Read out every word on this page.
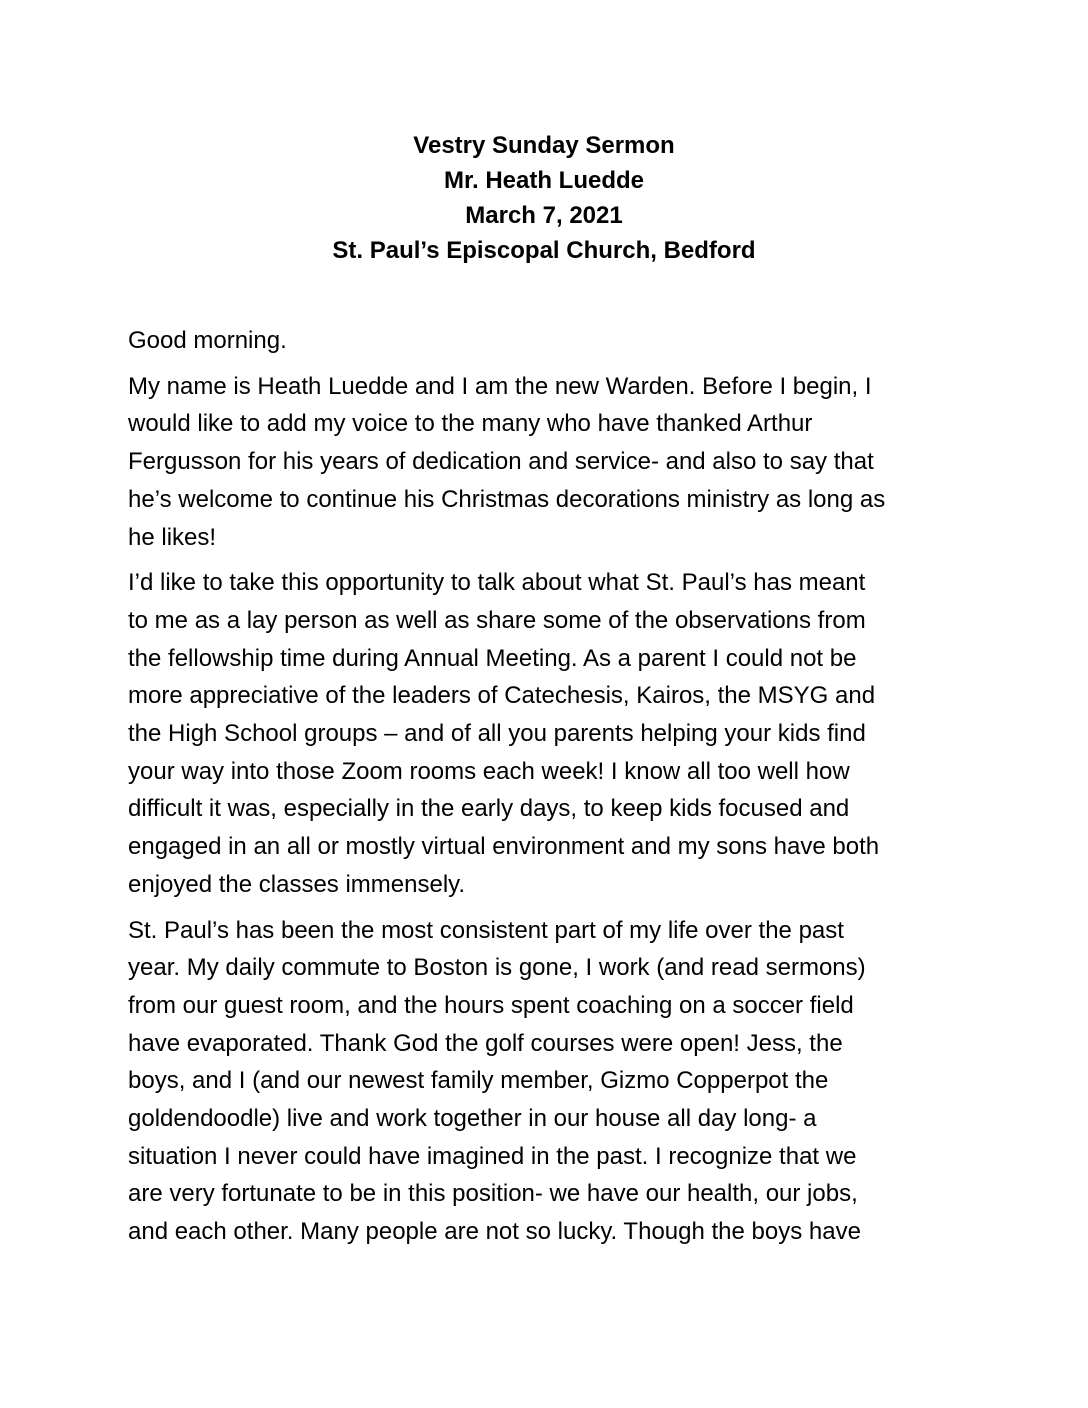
Vestry Sunday Sermon
Mr. Heath Luedde
March 7, 2021
St. Paul’s Episcopal Church, Bedford
Good morning.
My name is Heath Luedde and I am the new Warden. Before I begin, I
would like to add my voice to the many who have thanked Arthur
Fergusson for his years of dedication and service- and also to say that
he’s welcome to continue his Christmas decorations ministry as long as
he likes!
I’d like to take this opportunity to talk about what St. Paul’s has meant
to me as a lay person as well as share some of the observations from
the fellowship time during Annual Meeting. As a parent I could not be
more appreciative of the leaders of Catechesis, Kairos, the MSYG and
the High School groups – and of all you parents helping your kids find
your way into those Zoom rooms each week! I know all too well how
difficult it was, especially in the early days, to keep kids focused and
engaged in an all or mostly virtual environment and my sons have both
enjoyed the classes immensely.
St. Paul’s has been the most consistent part of my life over the past
year. My daily commute to Boston is gone, I work (and read sermons)
from our guest room, and the hours spent coaching on a soccer field
have evaporated. Thank God the golf courses were open! Jess, the
boys, and I (and our newest family member, Gizmo Copperpot the
goldendoodle) live and work together in our house all day long- a
situation I never could have imagined in the past. I recognize that we
are very fortunate to be in this position- we have our health, our jobs,
and each other. Many people are not so lucky. Though the boys have
